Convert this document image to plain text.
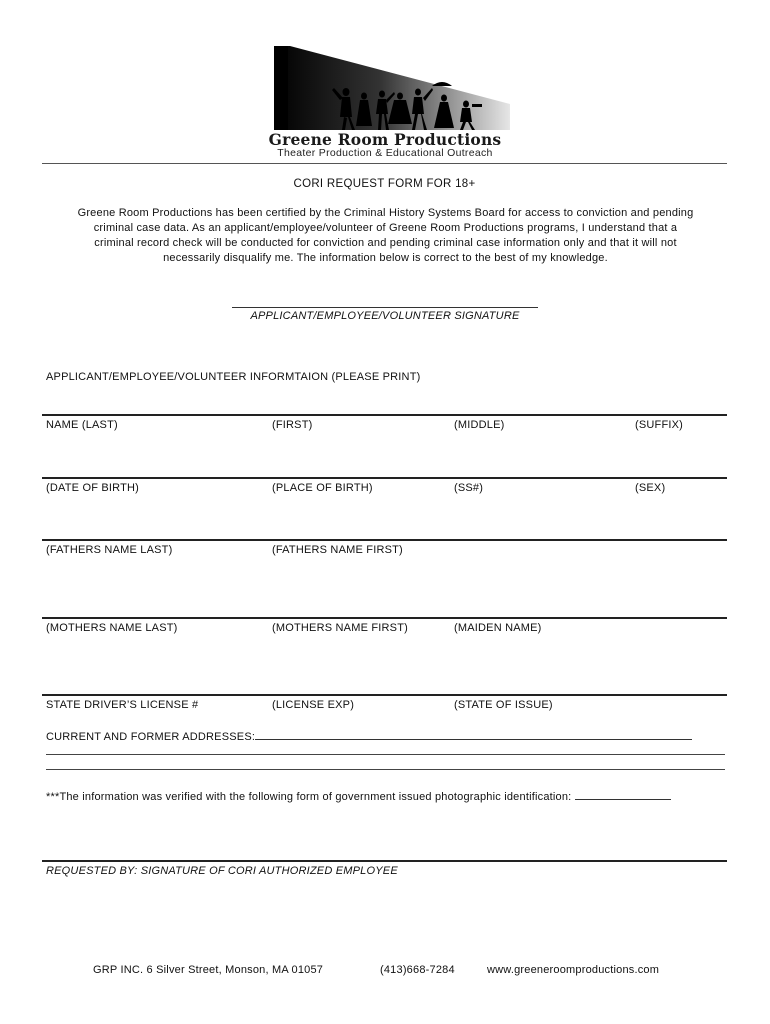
Greene Room Productions
Theater Production & Educational Outreach
CORI REQUEST FORM FOR 18+
Greene Room Productions has been certified by the Criminal History Systems Board for access to conviction and pending
criminal case data. As an applicant/employee/volunteer of Greene Room Productions programs, I understand that a
criminal record check will be conducted for conviction and pending criminal case information only and that it will not
necessarily disqualify me. The information below is correct to the best of my knowledge.
APPLICANT/EMPLOYEE/VOLUNTEER SIGNATURE
APPLICANT/EMPLOYEE/VOLUNTEER INFORMTAION (PLEASE PRINT)
NAME (LAST)	(FIRST)	(MIDDLE)	(SUFFIX)
(DATE OF BIRTH)	(PLACE OF BIRTH)	(SS#)	(SEX)
(FATHERS NAME LAST)	(FATHERS NAME FIRST)
(MOTHERS NAME LAST)	(MOTHERS NAME FIRST)	(MAIDEN NAME)
STATE DRIVER’S LICENSE #	(LICENSE EXP)	(STATE OF ISSUE)
CURRENT AND FORMER ADDRESSES:
***The information was verified with the following form of government issued photographic identification:
REQUESTED BY: SIGNATURE OF CORI AUTHORIZED EMPLOYEE
GRP INC. 6 Silver Street, Monson, MA 01057	(413)668-7284	www.greeneroomproductions.com
